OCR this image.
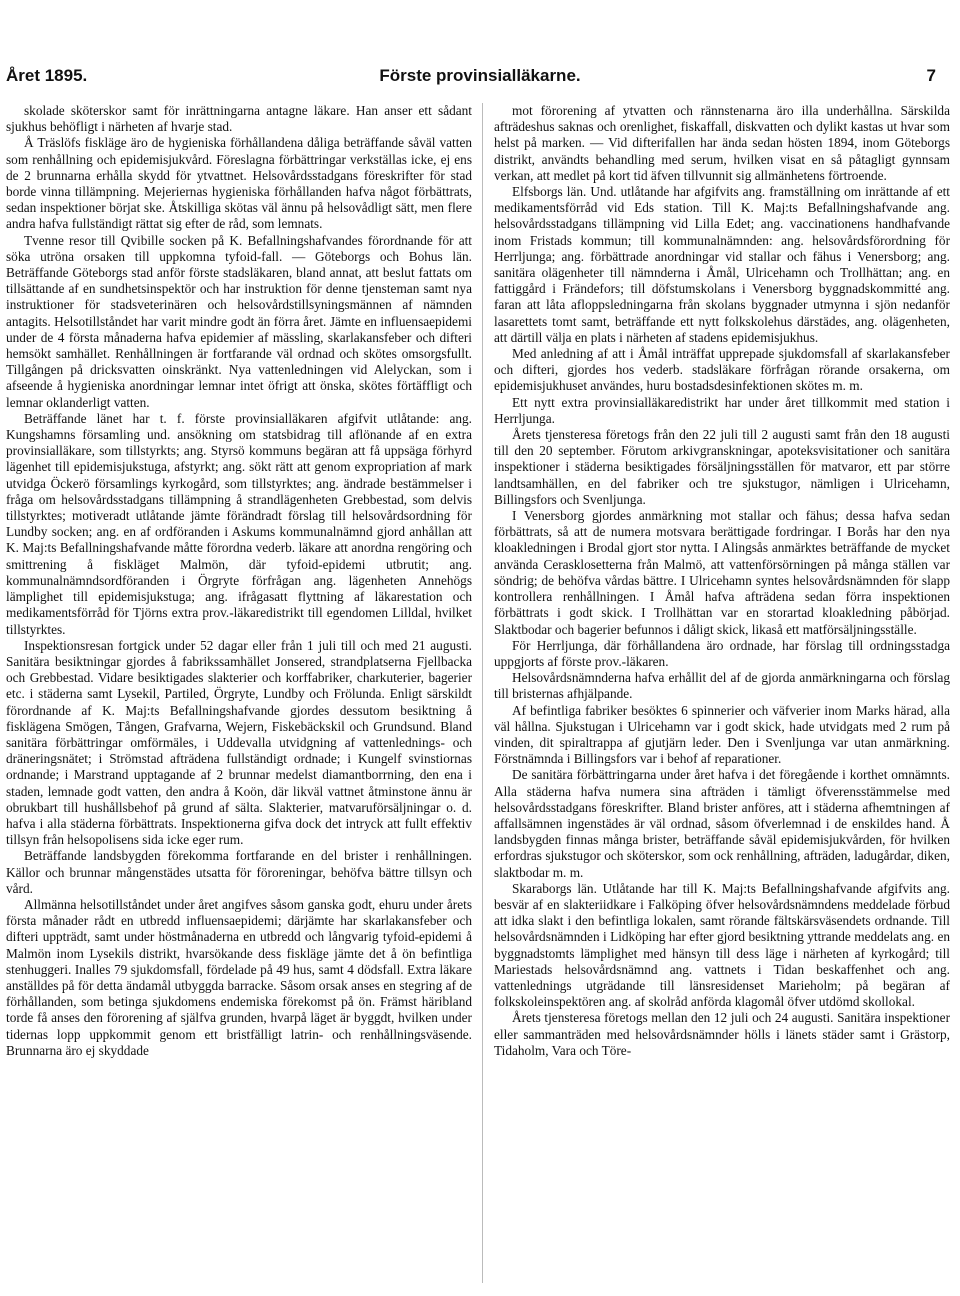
Året 1895.	Förste provinsialläkarne.	7

skolade sköterskor samt för inrättningarna antagne läkare. Han anser ett sådant sjukhus behöfligt i närheten af hvarje stad.

Å Träslöfs fiskläge äro de hygieniska förhållandena dåliga beträffande såväl vatten som renhållning och epidemisjukvård. Föreslagna förbättringar verkställas icke, ej ens de 2 brunnarna erhålla skydd för ytvattnet. Helsovårdsstadgans föreskrifter för stad borde vinna tillämpning. Mejeriernas hygieniska förhållanden hafva något förbättrats, sedan inspektioner börjat ske. Åtskilliga skötas väl ännu på helsovådligt sätt, men flere andra hafva fullständigt rättat sig efter de råd, som lemnats.

Tvenne resor till Qvibille socken på K. Befallningshafvandes förordnande för att söka utröna orsaken till uppkomna tyfoid-fall. — Göteborgs och Bohus län. Beträffande Göteborgs stad anför förste stadsläkaren, bland annat, att beslut fattats om tillsättande af en sundhetsinspektör och har instruktion för denne tjensteman samt nya instruktioner för stadsveterinären och helsovårdstillsyningsmännen af nämnden antagits. Helsotillståndet har varit mindre godt än förra året. Jämte en influensaepidemi under de 4 första månaderna hafva epidemier af mässling, skarlakansfeber och difteri hemsökt samhället. Renhållningen är fortfarande väl ordnad och skötes omsorgsfullt. Tillgången på dricksvatten oinskränkt. Nya vattenledningen vid Alelyckan, som i afseende å hygieniska anordningar lemnar intet öfrigt att önska, skötes förtäffligt och lemnar oklanderligt vatten.

Beträffande länet har t. f. förste provinsialläkaren afgifvit utlåtande: ang. Kungshamns församling und. ansökning om statsbidrag till aflönande af en extra provinsialläkare, som tillstyrkts; ang. Styrsö kommuns begäran att få uppsäga förhyrd lägenhet till epidemisjukstuga, afstyrkt; ang. sökt rätt att genom expropriation af mark utvidga Öckerö församlings kyrkogård, som tillstyrktes; ang. ändrade bestämmelser i fråga om helsovårdsstadgans tillämpning å strandlägenheten Grebbestad, som delvis tillstyrktes; motiveradt utlåtande jämte förändradt förslag till helsovårdsordning för Lundby socken; ang. en af ordföranden i Askums kommunalnämnd gjord anhållan att K. Maj:ts Befallningshafvande måtte förordna vederb. läkare att anordna rengöring och smittrening å fiskläget Malmön, där tyfoid-epidemi utbrutit; ang. kommunalnämndsordföranden i Örgryte förfrågan ang. lägenheten Annehögs lämplighet till epidemisjukstuga; ang. ifrågasatt flyttning af läkarestation och medikamentsförråd för Tjörns extra prov.-läkaredistrikt till egendomen Lilldal, hvilket tillstyrktes.

Inspektionsresan fortgick under 52 dagar eller från 1 juli till och med 21 augusti. Sanitära besiktningar gjordes å fabrikssamhället Jonsered, strandplatserna Fjellbacka och Grebbestad. Vidare besiktigades slakterier och korffabriker, charkuterier, bagerier etc. i städerna samt Lysekil, Partiled, Örgryte, Lundby och Frölunda. Enligt särskildt förordnande af K. Maj:ts Befallningshafvande gjordes dessutom besiktning å fisklägena Smögen, Tången, Grafvarna, Wejern, Fiskebäckskil och Grundsund. Bland sanitära förbättringar omförmäles, i Uddevalla utvidgning af vattenlednings- och dräneringsnätet; i Strömstad afträdena fullständigt ordnade; i Kungelf svinstiornas ordnande; i Marstrand upptagande af 2 brunnar medelst diamantborrning, den ena i staden, lemnade godt vatten, den andra å Koön, där likväl vattnet åtminstone ännu är obrukbart till hushållsbehof på grund af sälta. Slakterier, matvaruförsäljningar o. d. hafva i alla städerna förbättrats. Inspektionerna gifva dock det intryck att fullt effektiv tillsyn från helsopolisens sida icke eger rum.

Beträffande landsbygden förekomma fortfarande en del brister i renhållningen. Källor och brunnar mångenstädes utsatta för föroreningar, behöfva bättre tillsyn och vård.

Allmänna helsotillståndet under året angifves såsom ganska godt, ehuru under årets första månader rådt en utbredd influensaepidemi; därjämte har skarlakansfeber och difteri uppträdt, samt under höstmånaderna en utbredd och långvarig tyfoid-epidemi å Malmön inom Lysekils distrikt, hvarsökande dess fiskläge jämte det å ön befintliga stenhuggeri. Inalles 79 sjukdomsfall, fördelade på 49 hus, samt 4 dödsfall. Extra läkare anställdes på för detta ändamål utbyggda barracke. Såsom orsak anses en stegring af de förhållanden, som betinga sjukdomens endemiska förekomst på ön. Främst häribland torde få anses den förorening af själfva grunden, hvarpå läget är byggdt, hvilken under tidernas lopp uppkommit genom ett bristfälligt latrin- och renhållningsväsende. Brunnarna äro ej skyddade

mot förorening af ytvatten och rännstenarna äro illa underhållna. Särskilda afträdeshus saknas och orenlighet, fiskaffall, diskvatten och dylikt kastas ut hvar som helst på marken. — Vid difterifallen har ända sedan hösten 1894, inom Göteborgs distrikt, användts behandling med serum, hvilken visat en så påtagligt gynnsam verkan, att medlet på kort tid äfven tillvunnit sig allmänhetens förtroende.

Elfsborgs län. Und. utlåtande har afgifvits ang. framställning om inrättande af ett medikamentsförråd vid Eds station. Till K. Maj:ts Befallningshafvande ang. helsovårdsstadgans tillämpning vid Lilla Edet; ang. vaccinationens handhafvande inom Fristads kommun; till kommunalnämnden: ang. helsovårdsförordning för Herrljunga; ang. förbättrade anordningar vid stallar och fähus i Venersborg; ang. sanitära olägenheter till nämnderna i Åmål, Ulricehamn och Trollhättan; ang. en fattiggård i Frändefors; till döfstumskolans i Venersborg byggnadskommitté ang. faran att låta afloppsledningarna från skolans byggnader utmynna i sjön nedanför lasarettets tomt samt, beträffande ett nytt folkskolehus därstädes, ang. olägenheten, att därtill välja en plats i närheten af stadens epidemisjukhus.

Med anledning af att i Åmål inträffat upprepade sjukdomsfall af skarlakansfeber och difteri, gjordes hos vederb. stadsläkare förfrågan rörande orsakerna, om epidemisjukhuset användes, huru bostadsdesinfektionen skötes m. m.

Ett nytt extra provinsialläkaredistrikt har under året tillkommit med station i Herrljunga.

Årets tjensteresa företogs från den 22 juli till 2 augusti samt från den 18 augusti till den 20 september. Förutom arkivgranskningar, apoteksvisitationer och sanitära inspektioner i städerna besiktigades försäljningsställen för matvaror, ett par större landtsamhällen, en del fabriker och tre sjukstugor, nämligen i Ulricehamn, Billingsfors och Svenljunga.

I Venersborg gjordes anmärkning mot stallar och fähus; dessa hafva sedan förbättrats, så att de numera motsvara berättigade fordringar. I Borås har den nya kloakledningen i Brodal gjort stor nytta. I Alingsås anmärktes beträffande de mycket använda Cerasklosetterna från Malmö, att vattenförsörningen på många ställen var söndrig; de behöfva vårdas bättre. I Ulricehamn syntes helsovårdsnämnden för slapp kontrollera renhållningen. I Åmål hafva afträdena sedan förra inspektionen förbättrats i godt skick. I Trollhättan var en storartad kloakledning påbörjad. Slaktbodar och bagerier befunnos i dåligt skick, likaså ett matförsäljningsställe.

För Herrljunga, där förhållandena äro ordnade, har förslag till ordningsstadga uppgjorts af förste prov.-läkaren.

Helsovårdsnämnderna hafva erhållit del af de gjorda anmärkningarna och förslag till bristernas afhjälpande.

Af befintliga fabriker besöktes 6 spinnerier och väfverier inom Marks härad, alla väl hållna. Sjukstugan i Ulricehamn var i godt skick, hade utvidgats med 2 rum på vinden, dit spiraltrappa af gjutjärn leder. Den i Svenljunga var utan anmärkning. Förstnämnda i Billingsfors var i behof af reparationer.

De sanitära förbättringarna under året hafva i det föregående i korthet omnämnts. Alla städerna hafva numera sina afträden i tämligt öfverensstämmelse med helsovårdsstadgans föreskrifter. Bland brister anföres, att i städerna afhemtningen af affallsämnen ingenstädes är väl ordnad, såsom öfverlemnad i de enskildes hand. Å landsbygden finnas många brister, beträffande såväl epidemisjukvården, för hvilken erfordras sjukstugor och sköterskor, som ock renhållning, afträden, ladugårdar, diken, slaktbodar m. m.

Skaraborgs län. Utlåtande har till K. Maj:ts Befallningshafvande afgifvits ang. besvär af en slakteriidkare i Falköping öfver helsovårdsnämndens meddelade förbud att idka slakt i den befintliga lokalen, samt rörande fältskärsväsendets ordnande. Till helsovårdsnämnden i Lidköping har efter gjord besiktning yttrande meddelats ang. en byggnadstomts lämplighet med hänsyn till dess läge i närheten af kyrkogård; till Mariestads helsovårdsnämnd ang. vattnets i Tidan beskaffenhet och ang. vattenlednings utgrädande till länsresidenset Marieholm; på begäran af folkskoleinspektören ang. af skolråd anförda klagomål öfver utdömd skollokal.

Årets tjensteresa företogs mellan den 12 juli och 24 augusti. Sanitära inspektioner eller sammanträden med helsovårdsnämnder hölls i länets städer samt i Grästorp, Tidaholm, Vara och Töre-
